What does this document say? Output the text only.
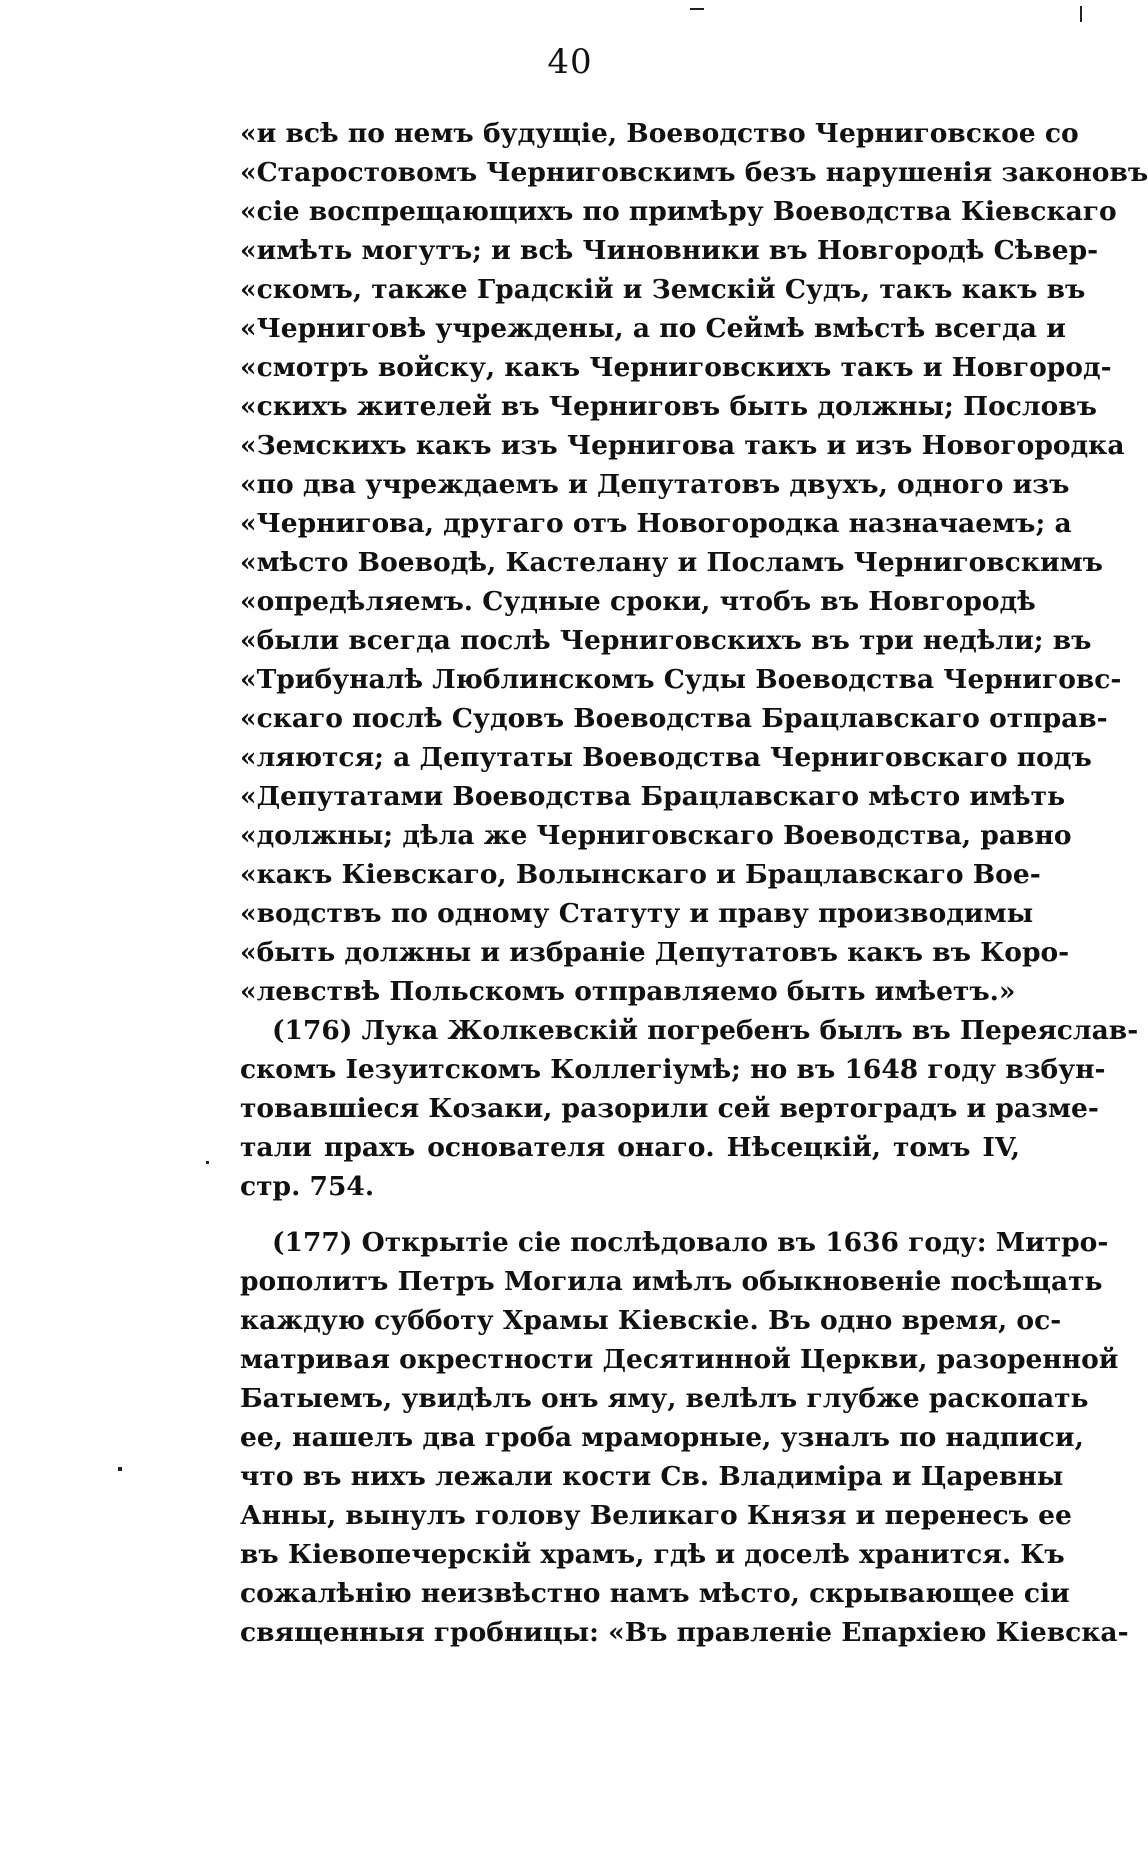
40
«и всѣ по немъ будущіе, Воеводство Черниговское со
«Старостовомъ Черниговскимъ безъ нарушенія законовъ
«сіе воспрещающихъ по примѣру Воеводства Кіевскаго
«имѣть могутъ; и всѣ Чиновники въ Новгородѣ Сѣвер-
«скомъ, также Градскій и Земскій Судъ, такъ какъ въ
«Черниговѣ учреждены, а по Сеймѣ вмѣстѣ всегда и
«смотръ войску, какъ Черниговскихъ такъ и Новгород-
«скихъ жителей въ Черниговъ быть должны; Пословъ
«Земскихъ какъ изъ Чернигова такъ и изъ Новогородка
«по два учреждаемъ и Депутатовъ двухъ, одного изъ
«Чернигова, другаго отъ Новогородка назначаемъ; а
«мѣсто Воеводѣ, Кастелану и Посламъ Черниговскимъ
«опредѣляемъ. Судные сроки, чтобъ въ Новгородѣ
«были всегда послѣ Черниговскихъ въ три недѣли; въ
«Трибуналѣ Люблинскомъ Суды Воеводства Черниговс-
«скаго послѣ Судовъ Воеводства Брацлавскаго отправ-
«ляются; а Депутаты Воеводства Черниговскаго подъ
«Депутатами Воеводства Брацлавскаго мѣсто имѣть
«должны; дѣла же Черниговскаго Воеводства, равно
«какъ Кіевскаго, Волынскаго и Брацлавскаго Вое-
«водствъ по одному Статуту и праву производимы
«быть должны и избраніе Депутатовъ какъ въ Коро-
«левствѣ Польскомъ отправляемо быть имѣетъ.»
(176) Лука Жолкевскій погребенъ былъ въ Переяслав-
скомъ Іезуитскомъ Коллегіумѣ; но въ 1648 году взбун-
товавшіеся Козаки, разорили сей вертоградъ и разме-
тали прахъ основателя онаго. Нѣсецкій, томъ IV,
стр. 754.
(177) Открытіе сіе послѣдовало въ 1636 году: Митро-
рополитъ Петръ Могила имѣлъ обыкновеніе посѣщать
каждую субботу Храмы Кіевскіе. Въ одно время, ос-
матривая окрестности Десятинной Церкви, разоренной
Батыемъ, увидѣлъ онъ яму, велѣлъ глубже раскопать
ее, нашелъ два гроба мраморные, узналъ по надписи,
что въ нихъ лежали кости Св. Владиміра и Царевны
Анны, вынулъ голову Великаго Князя и перенесъ ее
въ Кіевопечерскій храмъ, гдѣ и доселѣ хранится. Къ
сожалѣнію неизвѣстно намъ мѣсто, скрывающее сіи
священныя гробницы: «Въ правленіе Епархіею Кіевска-
